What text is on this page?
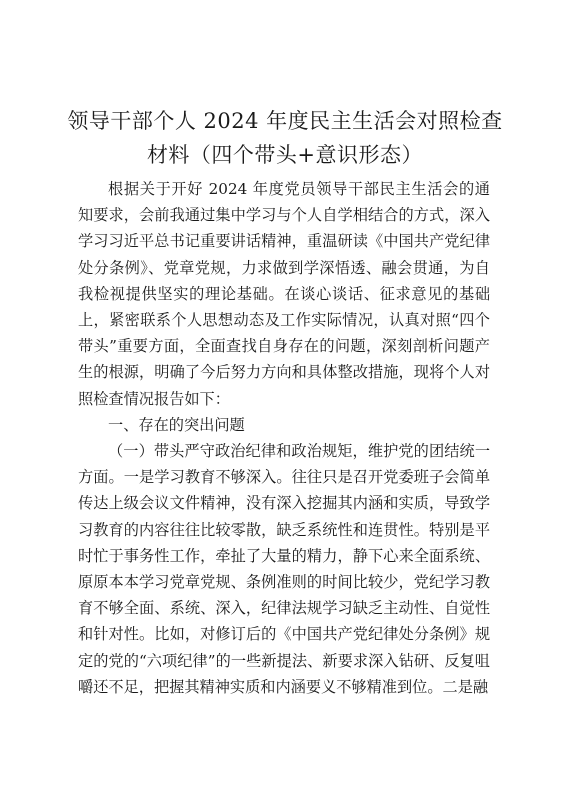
领导干部个人 2024 年度民主生活会对照检查
材料（四个带头+意识形态）
根据关于开好 2024 年度党员领导干部民主生活会的通知要求，会前我通过集中学习与个人自学相结合的方式，深入学习习近平总书记重要讲话精神，重温研读《中国共产党纪律处分条例》、党章党规，力求做到学深悟透、融会贯通，为自我检视提供坚实的理论基础。在谈心谈话、征求意见的基础上，紧密联系个人思想动态及工作实际情况，认真对照“四个带头”重要方面，全面查找自身存在的问题，深刻剖析问题产生的根源，明确了今后努力方向和具体整改措施，现将个人对照检查情况报告如下：
一、存在的突出问题
（一）带头严守政治纪律和政治规矩，维护党的团结统一方面。一是学习教育不够深入。往往只是召开党委班子会简单传达上级会议文件精神，没有深入挖掘其内涵和实质，导致学习教育的内容往往比较零散，缺乏系统性和连贯性。特别是平时忙于事务性工作，牵扯了大量的精力，静下心来全面系统、原原本本学习党章党规、条例准则的时间比较少，党纪学习教育不够全面、系统、深入，纪律法规学习缺乏主动性、自觉性和针对性。比如，对修订后的《中国共产党纪律处分条例》规定的党的“六项纪律”的一些新提法、新要求深入钻研、反复咀嚼还不足，把握其精神实质和内涵要义不够精准到位。二是融
